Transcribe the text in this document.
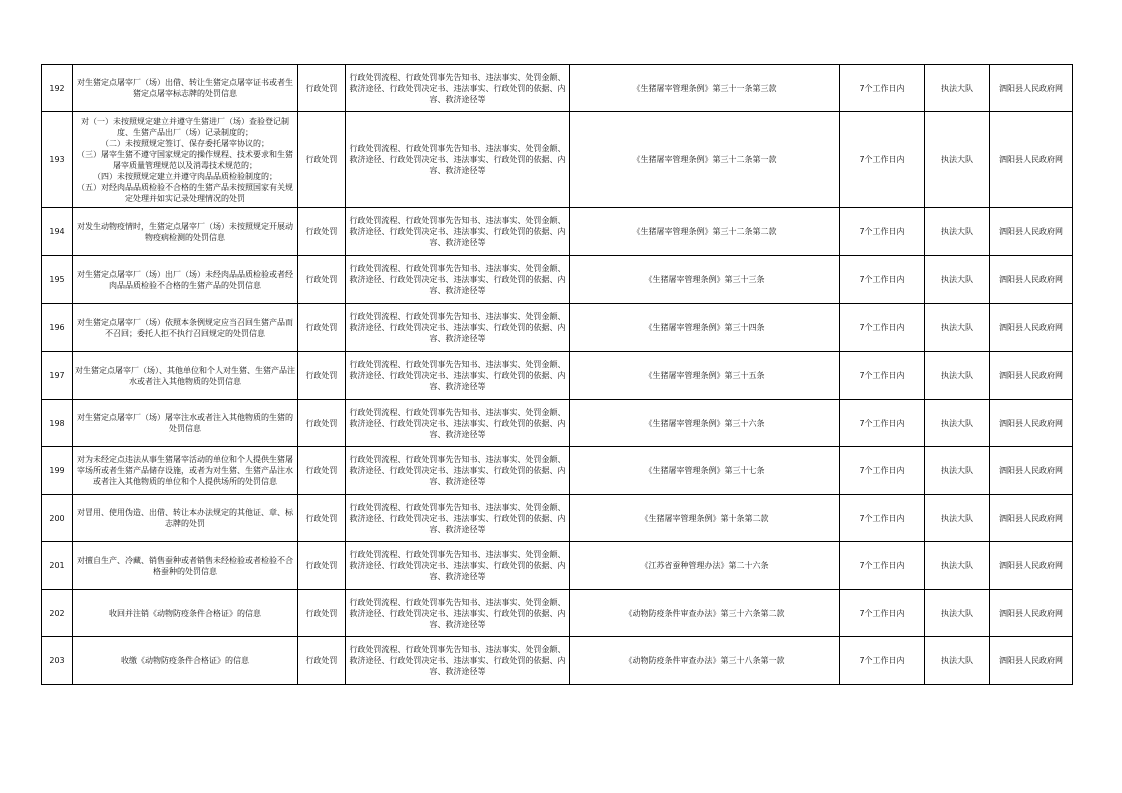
192	对生猪定点屠宰厂（场）出借、转让生猪定点屠宰证书或者生猪定点屠宰标志牌的处罚信息	行政处罚	行政处罚流程、行政处罚事先告知书、违法事实、处罚金额、救济途径、行政处罚决定书、违法事实、行政处罚的依据、内容、救济途径等	《生猪屠宰管理条例》第三十一条第三款	7个工作日内	执法大队	泗阳县人民政府网
193	对（一）未按照规定建立并遵守生猪进厂（场）查验登记制度、生猪产品出厂（场）记录制度的；
（二）未按照规定签订、保存委托屠宰协议的；
（三）屠宰生猪不遵守国家规定的操作规程、技术要求和生猪屠宰质量管理规范以及消毒技术规范的；
（四）未按照规定建立并遵守肉品品质检验制度的；
（五）对经肉品品质检验不合格的生猪产品未按照国家有关规定处理并如实记录处理情况的处罚	行政处罚	行政处罚流程、行政处罚事先告知书、违法事实、处罚金额、救济途径、行政处罚决定书、违法事实、行政处罚的依据、内容、救济途径等	《生猪屠宰管理条例》第三十二条第一款	7个工作日内	执法大队	泗阳县人民政府网
194	对发生动物疫情时，生猪定点屠宰厂（场）未按照规定开展动物疫病检测的处罚信息	行政处罚	行政处罚流程、行政处罚事先告知书、违法事实、处罚金额、救济途径、行政处罚决定书、违法事实、行政处罚的依据、内容、救济途径等	《生猪屠宰管理条例》第三十二条第二款	7个工作日内	执法大队	泗阳县人民政府网
195	对生猪定点屠宰厂（场）出厂（场）未经肉品品质检验或者经肉品品质检验不合格的生猪产品的处罚信息	行政处罚	行政处罚流程、行政处罚事先告知书、违法事实、处罚金额、救济途径、行政处罚决定书、违法事实、行政处罚的依据、内容、救济途径等	《生猪屠宰管理条例》第三十三条	7个工作日内	执法大队	泗阳县人民政府网
196	对生猪定点屠宰厂（场）依照本条例规定应当召回生猪产品而不召回；委托人拒不执行召回规定的处罚信息	行政处罚	行政处罚流程、行政处罚事先告知书、违法事实、处罚金额、救济途径、行政处罚决定书、违法事实、行政处罚的依据、内容、救济途径等	《生猪屠宰管理条例》第三十四条	7个工作日内	执法大队	泗阳县人民政府网
197	对生猪定点屠宰厂（场）、其他单位和个人对生猪、生猪产品注水或者注入其他物质的处罚信息	行政处罚	行政处罚流程、行政处罚事先告知书、违法事实、处罚金额、救济途径、行政处罚决定书、违法事实、行政处罚的依据、内容、救济途径等	《生猪屠宰管理条例》第三十五条	7个工作日内	执法大队	泗阳县人民政府网
198	对生猪定点屠宰厂（场）屠宰注水或者注入其他物质的生猪的处罚信息	行政处罚	行政处罚流程、行政处罚事先告知书、违法事实、处罚金额、救济途径、行政处罚决定书、违法事实、行政处罚的依据、内容、救济途径等	《生猪屠宰管理条例》第三十六条	7个工作日内	执法大队	泗阳县人民政府网
199	对为未经定点违法从事生猪屠宰活动的单位和个人提供生猪屠宰场所或者生猪产品储存设施，或者为对生猪、生猪产品注水或者注入其他物质的单位和个人提供场所的处罚信息	行政处罚	行政处罚流程、行政处罚事先告知书、违法事实、处罚金额、救济途径、行政处罚决定书、违法事实、行政处罚的依据、内容、救济途径等	《生猪屠宰管理条例》第三十七条	7个工作日内	执法大队	泗阳县人民政府网
200	对冒用、使用伪造、出借、转让本办法规定的其他证、章、标志牌的处罚	行政处罚	行政处罚流程、行政处罚事先告知书、违法事实、处罚金额、救济途径、行政处罚决定书、违法事实、行政处罚的依据、内容、救济途径等	《生猪屠宰管理条例》第十条第二款	7个工作日内	执法大队	泗阳县人民政府网
201	对擅自生产、冷藏、销售蚕种或者销售未经检验或者检验不合格蚕种的处罚信息	行政处罚	行政处罚流程、行政处罚事先告知书、违法事实、处罚金额、救济途径、行政处罚决定书、违法事实、行政处罚的依据、内容、救济途径等	《江苏省蚕种管理办法》第二十六条	7个工作日内	执法大队	泗阳县人民政府网
202	收回并注销《动物防疫条件合格证》的信息	行政处罚	行政处罚流程、行政处罚事先告知书、违法事实、处罚金额、救济途径、行政处罚决定书、违法事实、行政处罚的依据、内容、救济途径等	《动物防疫条件审查办法》第三十六条第二款	7个工作日内	执法大队	泗阳县人民政府网
203	收缴《动物防疫条件合格证》的信息	行政处罚	行政处罚流程、行政处罚事先告知书、违法事实、处罚金额、救济途径、行政处罚决定书、违法事实、行政处罚的依据、内容、救济途径等	《动物防疫条件审查办法》第三十八条第一款	7个工作日内	执法大队	泗阳县人民政府网
